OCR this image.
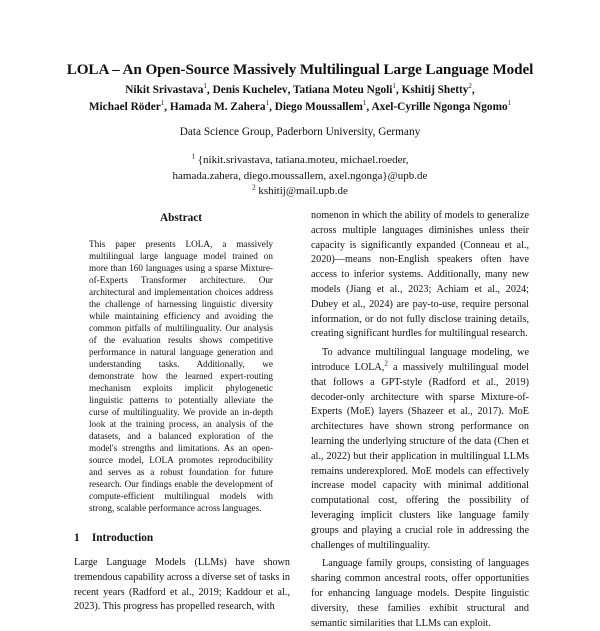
LOLA – An Open-Source Massively Multilingual Large Language Model
Nikit Srivastava$^1$, Denis Kuchelev, Tatiana Moteu Ngoli$^1$, Kshitij Shetty$^2$,
Michael Röder$^1$, Hamada M. Zahera$^1$, Diego Moussallem$^1$, Axel-Cyrille Ngonga Ngomo$^1$
Data Science Group, Paderborn University, Germany
$^1$ {nikit.srivastava, tatiana.moteu, michael.roeder,
hamada.zahera, diego.moussallem, axel.ngonga}@upb.de
$^2$ kshitij@mail.upb.de
Abstract
This paper presents LOLA, a massively multilingual large language model trained on more than 160 languages using a sparse Mixture-of-Experts Transformer architecture. Our architectural and implementation choices address the challenge of harnessing linguistic diversity while maintaining efficiency and avoiding the common pitfalls of multilinguality. Our analysis of the evaluation results shows competitive performance in natural language generation and understanding tasks. Additionally, we demonstrate how the learned expert-routing mechanism exploits implicit phylogenetic linguistic patterns to potentially alleviate the curse of multilinguality. We provide an in-depth look at the training process, an analysis of the datasets, and a balanced exploration of the model's strengths and limitations. As an open-source model, LOLA promotes reproducibility and serves as a robust foundation for future research. Our findings enable the development of compute-efficient multilingual models with strong, scalable performance across languages.
1 Introduction

Large Language Models (LLMs) have shown tremendous capability across a diverse set of tasks in recent years (Radford et al., 2019; Kaddour et al., 2023). This progress has propelled research, with

nomenon in which the ability of models to generalize across multiple languages diminishes unless their capacity is significantly expanded (Conneau et al., 2020)—means non-English speakers often have access to inferior systems. Additionally, many new models (Jiang et al., 2023; Achiam et al., 2024; Dubey et al., 2024) are pay-to-use, require personal information, or do not fully disclose training details, creating significant hurdles for multilingual research.

To advance multilingual language modeling, we introduce LOLA,$^2$ a massively multilingual model that follows a GPT-style (Radford et al., 2019) decoder-only architecture with sparse Mixture-of-Experts (MoE) layers (Shazeer et al., 2017). MoE architectures have shown strong performance on learning the underlying structure of the data (Chen et al., 2022) but their application in multilingual LLMs remains underexplored. MoE models can effectively increase model capacity with minimal additional computational cost, offering the possibility of leveraging implicit clusters like language family groups and playing a crucial role in addressing the challenges of multilinguality.

Language family groups, consisting of languages sharing common ancestral roots, offer opportunities for enhancing language models. Despite linguistic diversity, these families exhibit structural and semantic similarities that LLMs can exploit.
